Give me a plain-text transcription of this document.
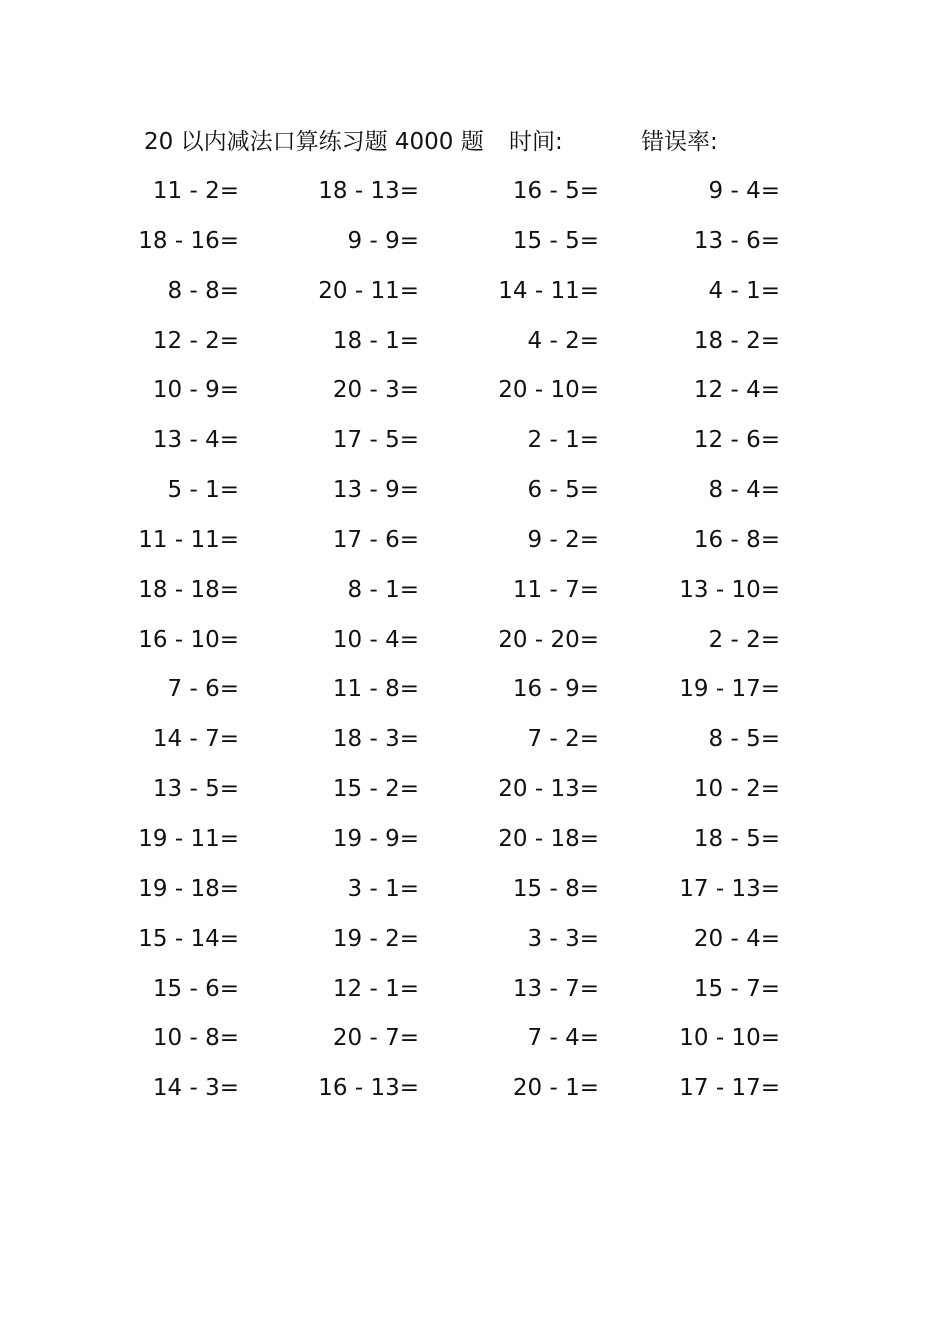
20 以内减法口算练习题 4000 题 时间:	错误率:
11 - 2=	18 - 13=	16 - 5=	9 - 4=
18 - 16=	9 - 9=	15 - 5=	13 - 6=
8 - 8=	20 - 11=	14 - 11=	4 - 1=
12 - 2=	18 - 1=	4 - 2=	18 - 2=
10 - 9=	20 - 3=	20 - 10=	12 - 4=
13 - 4=	17 - 5=	2 - 1=	12 - 6=
5 - 1=	13 - 9=	6 - 5=	8 - 4=
11 - 11=	17 - 6=	9 - 2=	16 - 8=
18 - 18=	8 - 1=	11 - 7=	13 - 10=
16 - 10=	10 - 4=	20 - 20=	2 - 2=
7 - 6=	11 - 8=	16 - 9=	19 - 17=
14 - 7=	18 - 3=	7 - 2=	8 - 5=
13 - 5=	15 - 2=	20 - 13=	10 - 2=
19 - 11=	19 - 9=	20 - 18=	18 - 5=
19 - 18=	3 - 1=	15 - 8=	17 - 13=
15 - 14=	19 - 2=	3 - 3=	20 - 4=
15 - 6=	12 - 1=	13 - 7=	15 - 7=
10 - 8=	20 - 7=	7 - 4=	10 - 10=
14 - 3=	16 - 13=	20 - 1=	17 - 17=
